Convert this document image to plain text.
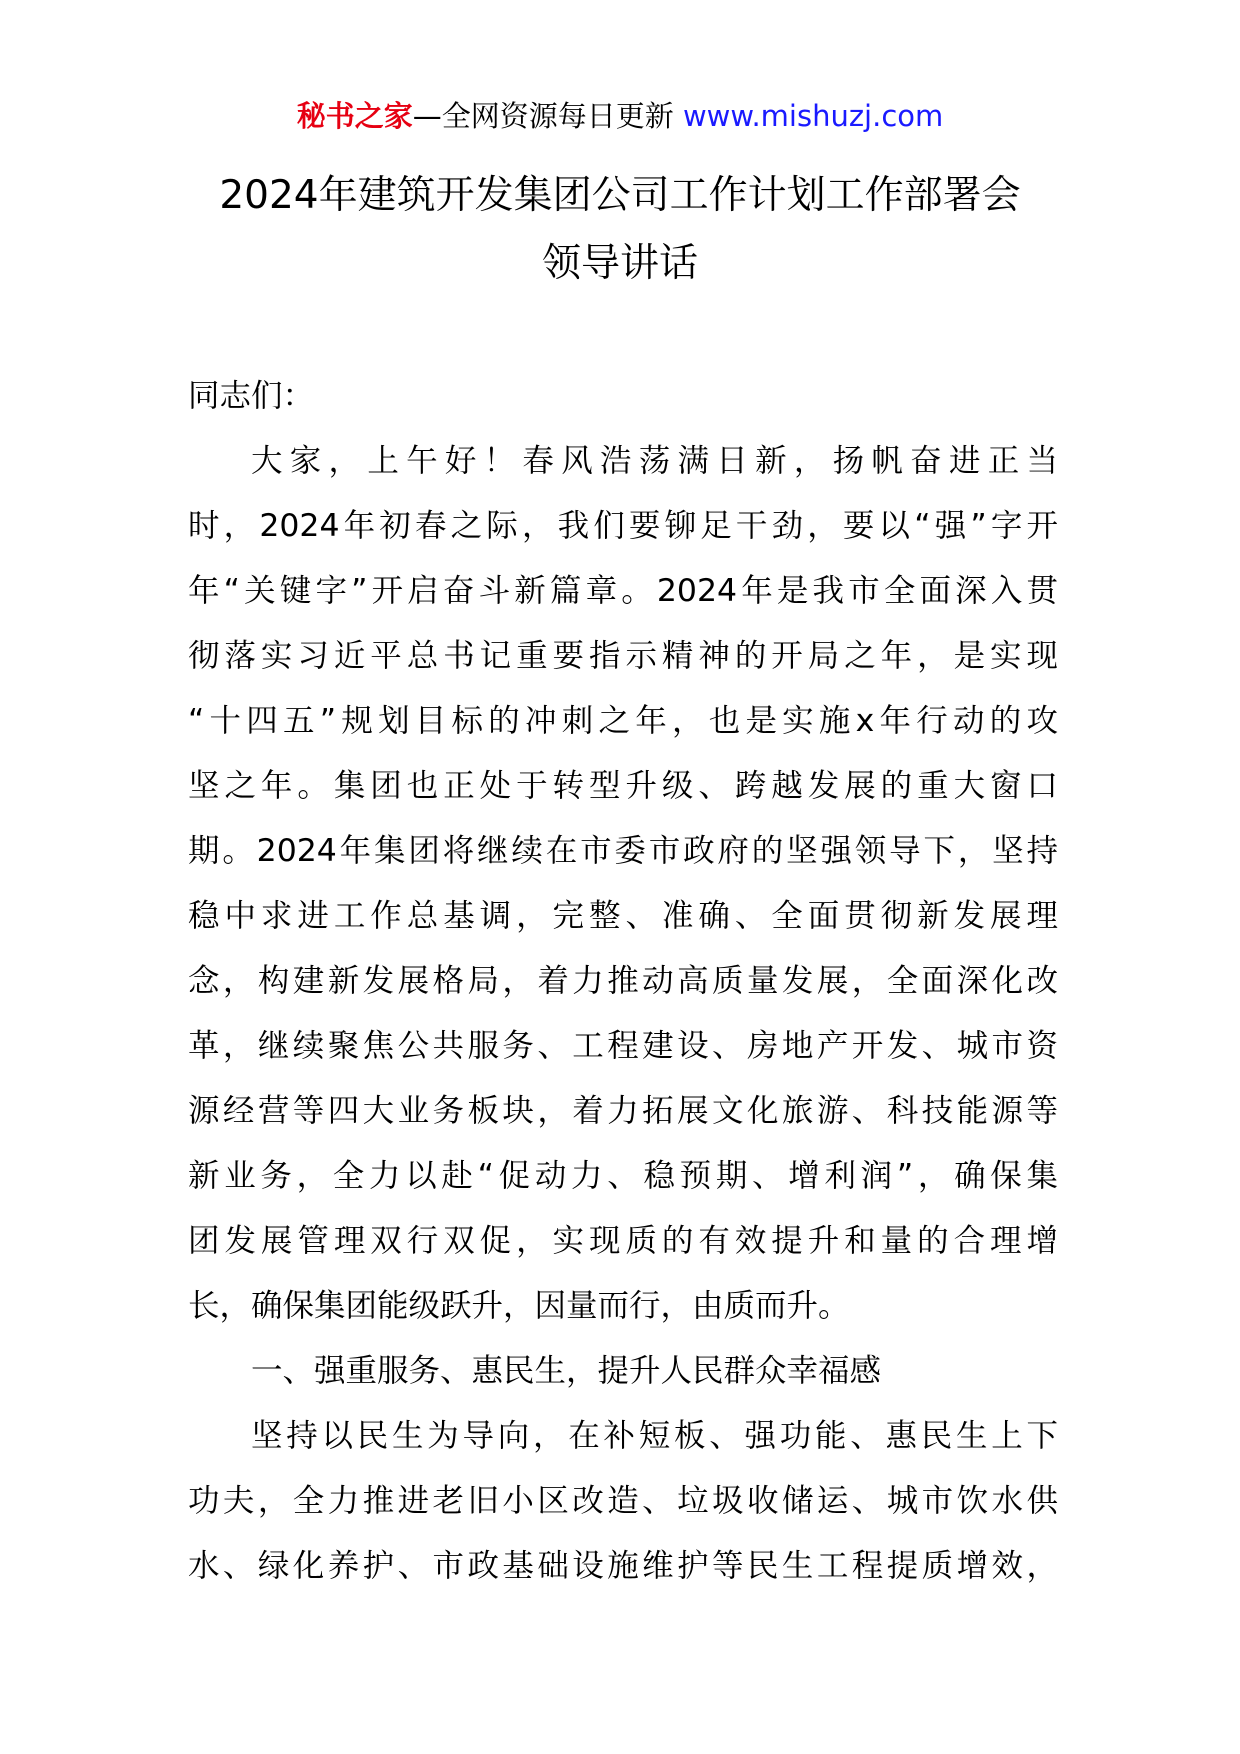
秘书之家—全网资源每日更新 www.mishuzj.com
2024年建筑开发集团公司工作计划工作部署会
领导讲话
同志们：
大家，上午好！春风浩荡满日新，扬帆奋进正当
时，2024年初春之际，我们要铆足干劲，要以“强”字开
年“关键字”开启奋斗新篇章。2024年是我市全面深入贯
彻落实习近平总书记重要指示精神的开局之年，是实现
“十四五”规划目标的冲刺之年，也是实施x年行动的攻
坚之年。集团也正处于转型升级、跨越发展的重大窗口
期。2024年集团将继续在市委市政府的坚强领导下，坚持
稳中求进工作总基调，完整、准确、全面贯彻新发展理
念，构建新发展格局，着力推动高质量发展，全面深化改
革，继续聚焦公共服务、工程建设、房地产开发、城市资
源经营等四大业务板块，着力拓展文化旅游、科技能源等
新业务，全力以赴“促动力、稳预期、增利润”，确保集
团发展管理双行双促，实现质的有效提升和量的合理增
长，确保集团能级跃升，因量而行，由质而升。
一、强重服务、惠民生，提升人民群众幸福感
坚持以民生为导向，在补短板、强功能、惠民生上下
功夫，全力推进老旧小区改造、垃圾收储运、城市饮水供
水、绿化养护、市政基础设施维护等民生工程提质增效，
